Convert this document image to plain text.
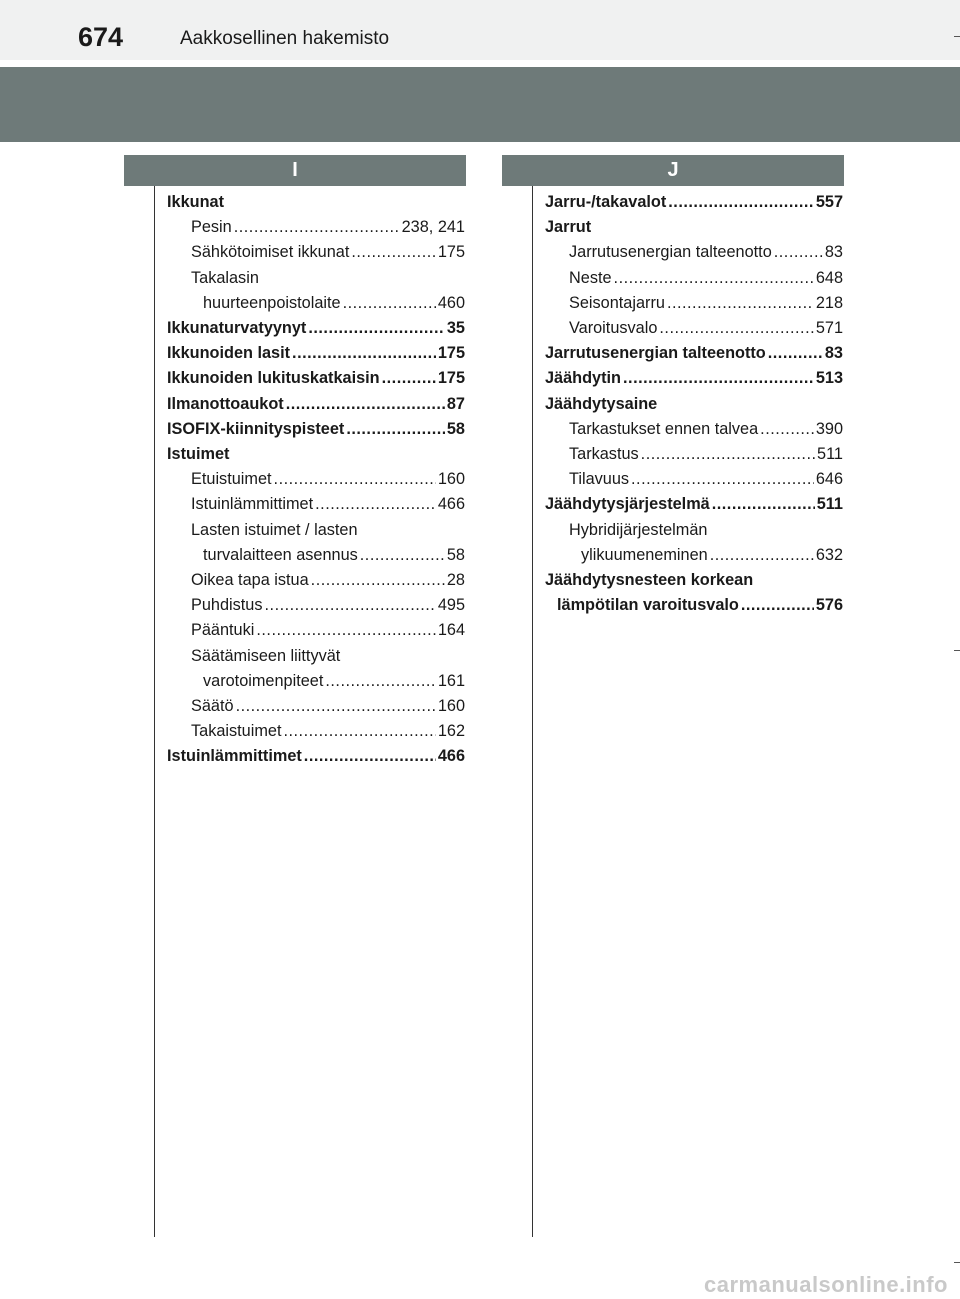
674	Aakkosellinen hakemisto
I	J
Ikkunat
Pesin .....	238, 241
Sähkötoimiset ikkunat .....	175
Takalasin
huurteenpoistolaite .....	460
Ikkunaturvatyynyt .....	35
Ikkunoiden lasit .....	175
Ikkunoiden lukituskatkaisin .....	175
Ilmanottoaukot .....	87
ISOFIX-kiinnityspisteet .....	58
Istuimet
Etuistuimet .....	160
Istuinlämmittimet .....	466
Lasten istuimet / lasten
turvalaitteen asennus .....	58
Oikea tapa istua .....	28
Puhdistus .....	495
Pääntuki .....	164
Säätämiseen liittyvät
varotoimenpiteet .....	161
Säätö .....	160
Takaistuimet .....	162
Istuinlämmittimet .....	466
Jarru-/takavalot .....	557
Jarrut
Jarrutusenergian talteenotto .....	83
Neste .....	648
Seisontajarru .....	218
Varoitusvalo .....	571
Jarrutusenergian talteenotto .....	83
Jäähdytin .....	513
Jäähdytysaine
Tarkastukset ennen talvea .....	390
Tarkastus .....	511
Tilavuus .....	646
Jäähdytysjärjestelmä .....	511
Hybridijärjestelmän
ylikuumeneminen .....	632
Jäähdytysnesteen korkean
lämpötilan varoitusvalo .....	576
carmanualsonline.info
